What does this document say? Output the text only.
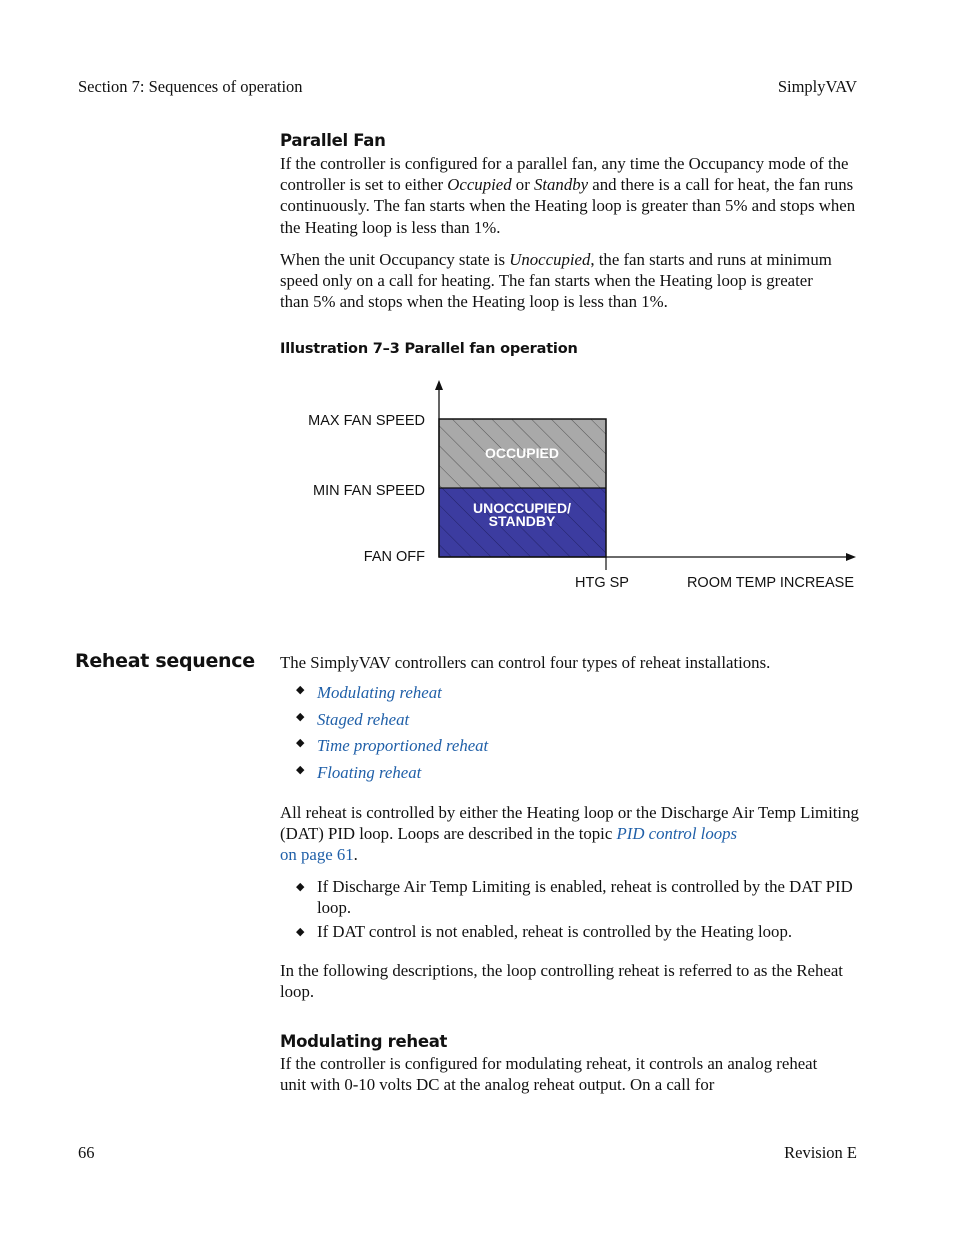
Section 7: Sequences of operation	SimplyVAV
Parallel Fan

If the controller is configured for a parallel fan, any time the Occupancy mode of the controller is set to either Occupied or Standby and there is a call for heat, the fan runs continuously. The fan starts when the Heating loop is greater than 5% and stops when the Heating loop is less than 1%.

When the unit Occupancy state is Unoccupied, the fan starts and runs at minimum speed only on a call for heating. The fan starts when the Heating loop is greater than 5% and stops when the Heating loop is less than 1%.

Illustration 7–3 Parallel fan operation
MAX FAN SPEED
MIN FAN SPEED
FAN OFF
HTG SP	ROOM TEMP INCREASE
OCCUPIED
UNOCCUPIED/
STANDBY
Reheat sequence The SimplyVAV controllers can control four types of reheat installations.

◆ Modulating reheat
◆ Staged reheat
◆ Time proportioned reheat
◆ Floating reheat

All reheat is controlled by either the Heating loop or the Discharge Air Temp Limiting (DAT) PID loop. Loops are described in the topic PID control loops
on page 61.

◆ If Discharge Air Temp Limiting is enabled, reheat is controlled by the DAT PID loop.
◆ If DAT control is not enabled, reheat is controlled by the Heating loop.

In the following descriptions, the loop controlling reheat is referred to as the Reheat loop.

Modulating reheat

If the controller is configured for modulating reheat, it controls an analog reheat unit with 0-10 volts DC at the analog reheat output. On a call for

66	Revision E
